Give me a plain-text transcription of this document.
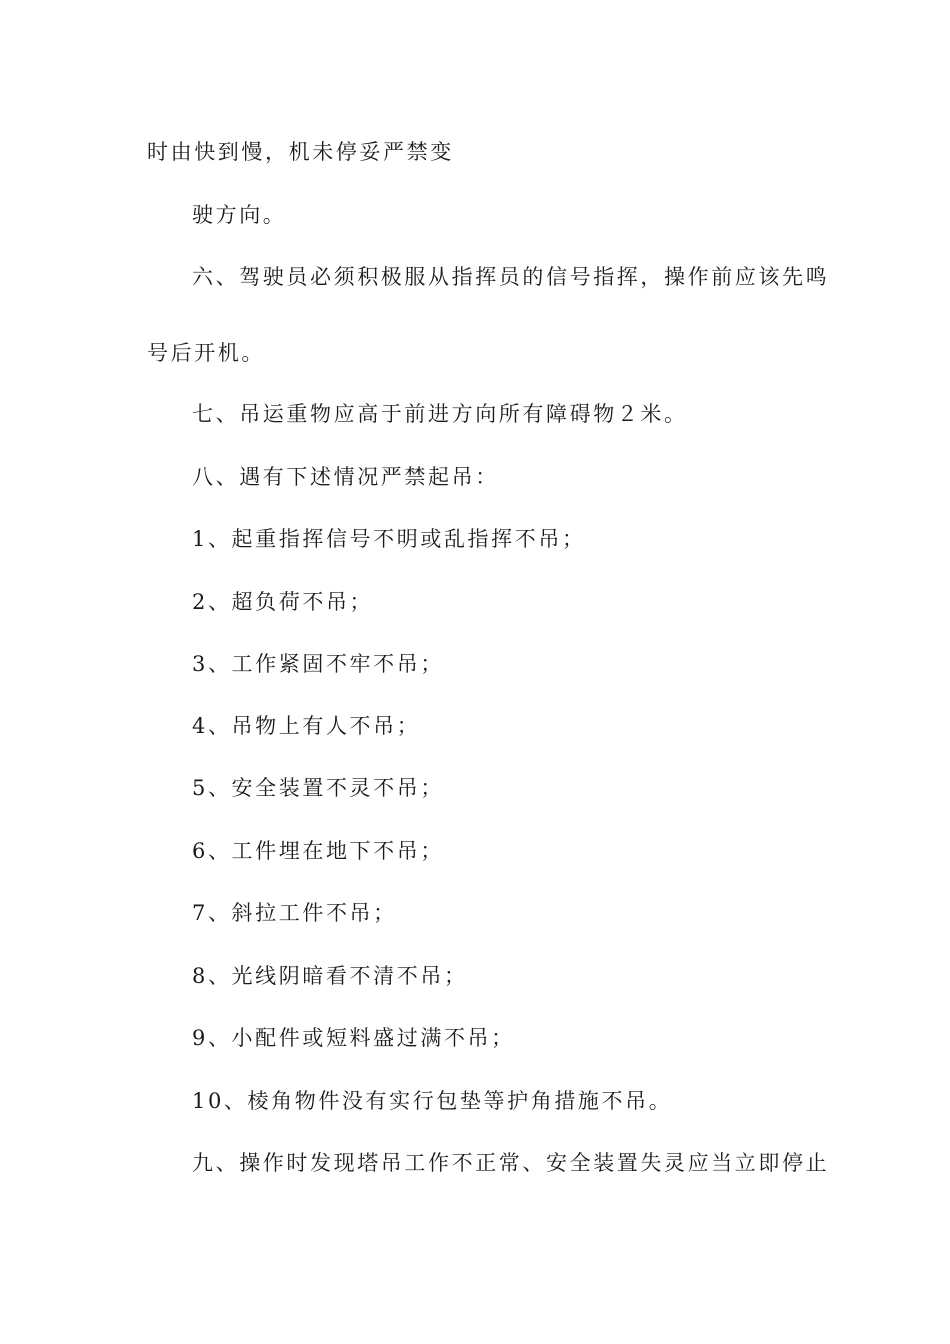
时由快到慢，机未停妥严禁变

驶方向。

六、驾驶员必须积极服从指挥员的信号指挥，操作前应该先鸣

号后开机。

七、吊运重物应高于前进方向所有障碍物２米。

八、遇有下述情况严禁起吊：

1、起重指挥信号不明或乱指挥不吊；

2、超负荷不吊；

3、工作紧固不牢不吊；

4、吊物上有人不吊；

5、安全装置不灵不吊；

6、工件埋在地下不吊；

7、斜拉工件不吊；

8、光线阴暗看不清不吊；

9、小配件或短料盛过满不吊；

10、棱角物件没有实行包垫等护角措施不吊。

九、操作时发现塔吊工作不正常、安全装置失灵应当立即停止
